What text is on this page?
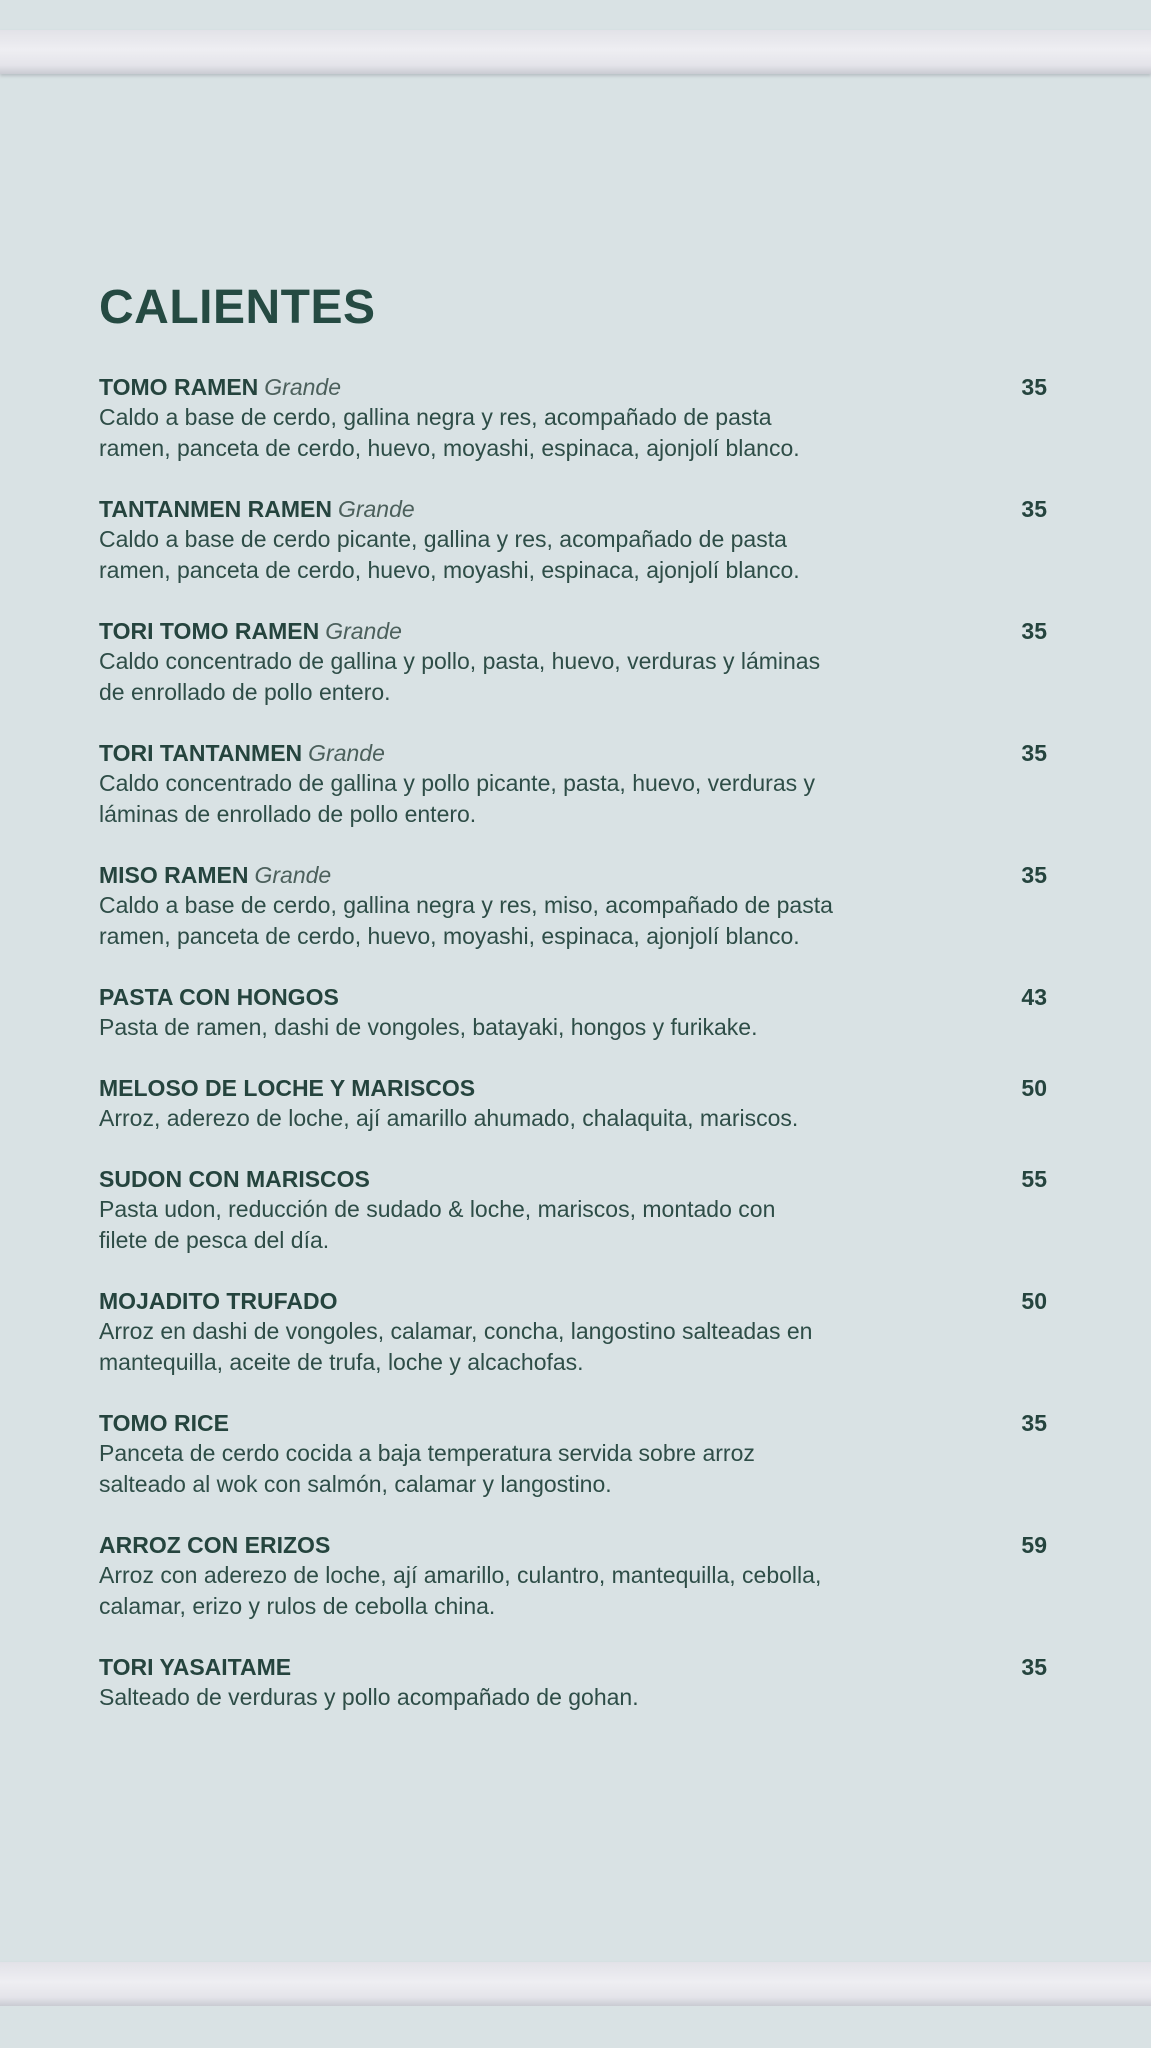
CALIENTES
TOMO RAMEN Grande	35
Caldo a base de cerdo, gallina negra y res, acompañado de pasta
ramen, panceta de cerdo, huevo, moyashi, espinaca, ajonjolí blanco.
TANTANMEN RAMEN Grande	35
Caldo a base de cerdo picante, gallina y res, acompañado de pasta
ramen, panceta de cerdo, huevo, moyashi, espinaca, ajonjolí blanco.
TORI TOMO RAMEN Grande	35
Caldo concentrado de gallina y pollo, pasta, huevo, verduras y láminas
de enrollado de pollo entero.
TORI TANTANMEN Grande	35
Caldo concentrado de gallina y pollo picante, pasta, huevo, verduras y
láminas de enrollado de pollo entero.
MISO RAMEN Grande	35
Caldo a base de cerdo, gallina negra y res, miso, acompañado de pasta
ramen, panceta de cerdo, huevo, moyashi, espinaca, ajonjolí blanco.
PASTA CON HONGOS	43
Pasta de ramen, dashi de vongoles, batayaki, hongos y furikake.
MELOSO DE LOCHE Y MARISCOS	50
Arroz, aderezo de loche, ají amarillo ahumado, chalaquita, mariscos.
SUDON CON MARISCOS	55
Pasta udon, reducción de sudado & loche, mariscos, montado con
filete de pesca del día.
MOJADITO TRUFADO	50
Arroz en dashi de vongoles, calamar, concha, langostino salteadas en
mantequilla, aceite de trufa, loche y alcachofas.
TOMO RICE	35
Panceta de cerdo cocida a baja temperatura servida sobre arroz
salteado al wok con salmón, calamar y langostino.
ARROZ CON ERIZOS	59
Arroz con aderezo de loche, ají amarillo, culantro, mantequilla, cebolla,
calamar, erizo y rulos de cebolla china.
TORI YASAITAME	35
Salteado de verduras y pollo acompañado de gohan.
